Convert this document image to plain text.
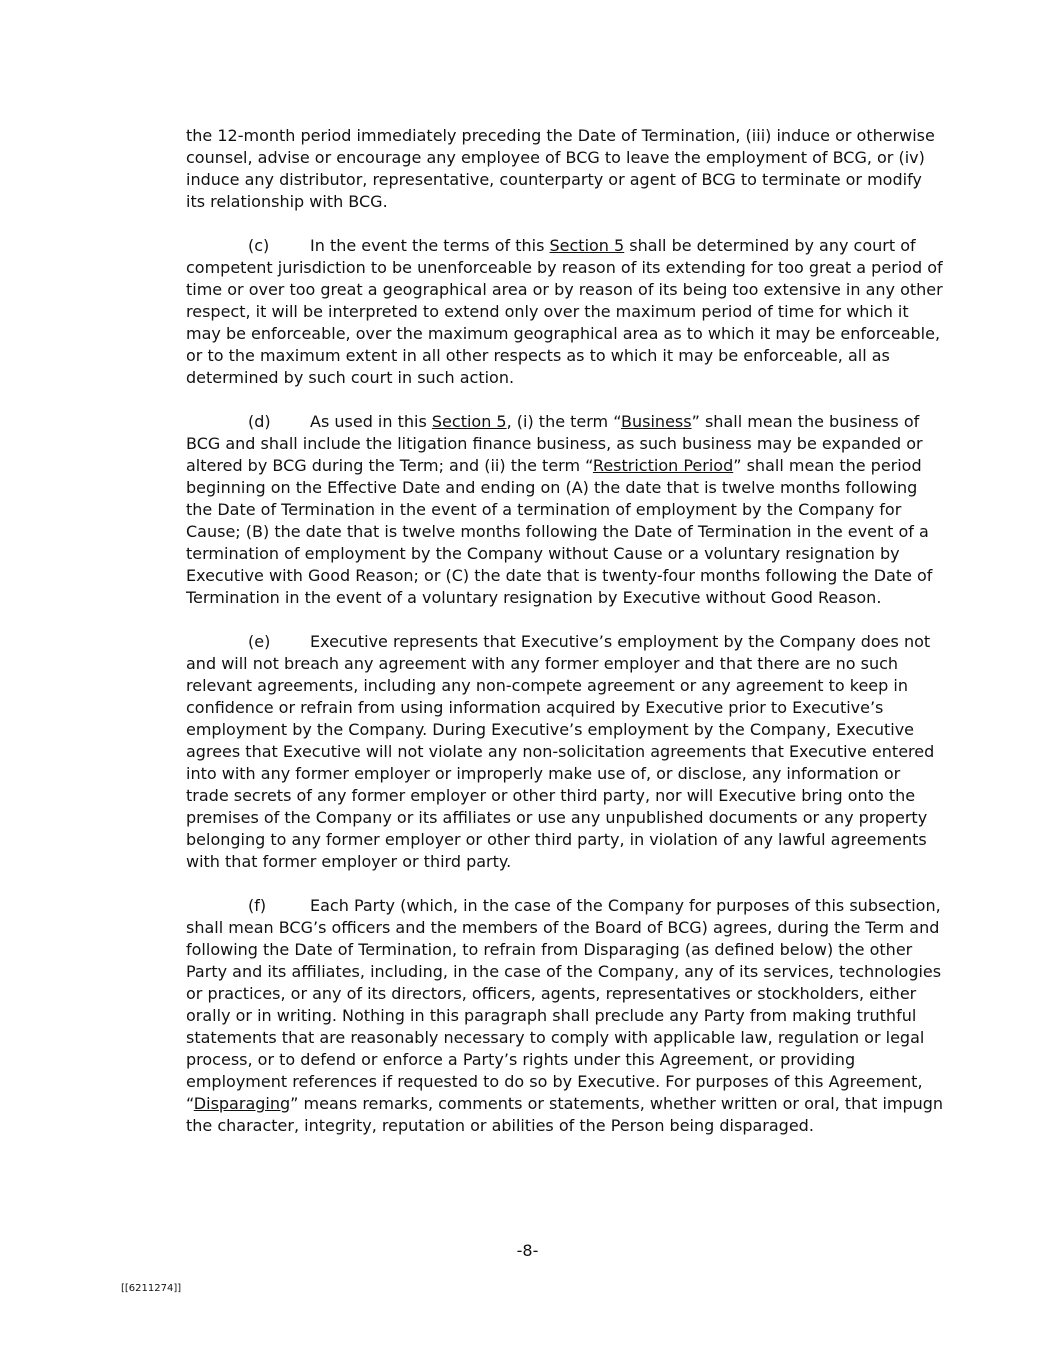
the 12-month period immediately preceding the Date of Termination, (iii) induce or otherwise counsel, advise or encourage any employee of BCG to leave the employment of BCG, or (iv) induce any distributor, representative, counterparty or agent of BCG to terminate or modify its relationship with BCG.

(c)	In the event the terms of this Section 5 shall be determined by any court of competent jurisdiction to be unenforceable by reason of its extending for too great a period of time or over too great a geographical area or by reason of its being too extensive in any other respect, it will be interpreted to extend only over the maximum period of time for which it may be enforceable, over the maximum geographical area as to which it may be enforceable, or to the maximum extent in all other respects as to which it may be enforceable, all as determined by such court in such action.

(d) As used in this Section 5, (i) the term “Business” shall mean the business of BCG and shall include the litigation finance business, as such business may be expanded or altered by BCG during the Term; and (ii) the term “Restriction Period” shall mean the period beginning on the Effective Date and ending on (A) the date that is twelve months following the Date of Termination in the event of a termination of employment by the Company for Cause; (B) the date that is twelve months following the Date of Termination in the event of a termination of employment by the Company without Cause or a voluntary resignation by Executive with Good Reason; or (C) the date that is twenty-four months following the Date of Termination in the event of a voluntary resignation by Executive without Good Reason.

(e) Executive represents that Executive’s employment by the Company does not and will not breach any agreement with any former employer and that there are no such relevant agreements, including any non-compete agreement or any agreement to keep in confidence or refrain from using information acquired by Executive prior to Executive’s employment by the Company. During Executive’s employment by the Company, Executive agrees that Executive will not violate any non-solicitation agreements that Executive entered into with any former employer or improperly make use of, or disclose, any information or trade secrets of any former employer or other third party, nor will Executive bring onto the premises of the Company or its affiliates or use any unpublished documents or any property belonging to any former employer or other third party, in violation of any lawful agreements with that former employer or third party.

(f)	Each Party (which, in the case of the Company for purposes of this subsection, shall mean BCG’s officers and the members of the Board of BCG) agrees, during the Term and following the Date of Termination, to refrain from Disparaging (as defined below) the other Party and its affiliates, including, in the case of the Company, any of its services, technologies or practices, or any of its directors, officers, agents, representatives or stockholders, either orally or in writing. Nothing in this paragraph shall preclude any Party from making truthful statements that are reasonably necessary to comply with applicable law, regulation or legal process, or to defend or enforce a Party’s rights under this Agreement, or providing employment references if requested to do so by Executive. For purposes of this Agreement, “Disparaging” means remarks, comments or statements, whether written or oral, that impugn the character, integrity, reputation or abilities of the Person being disparaged.

-8-
[[6211274]]
